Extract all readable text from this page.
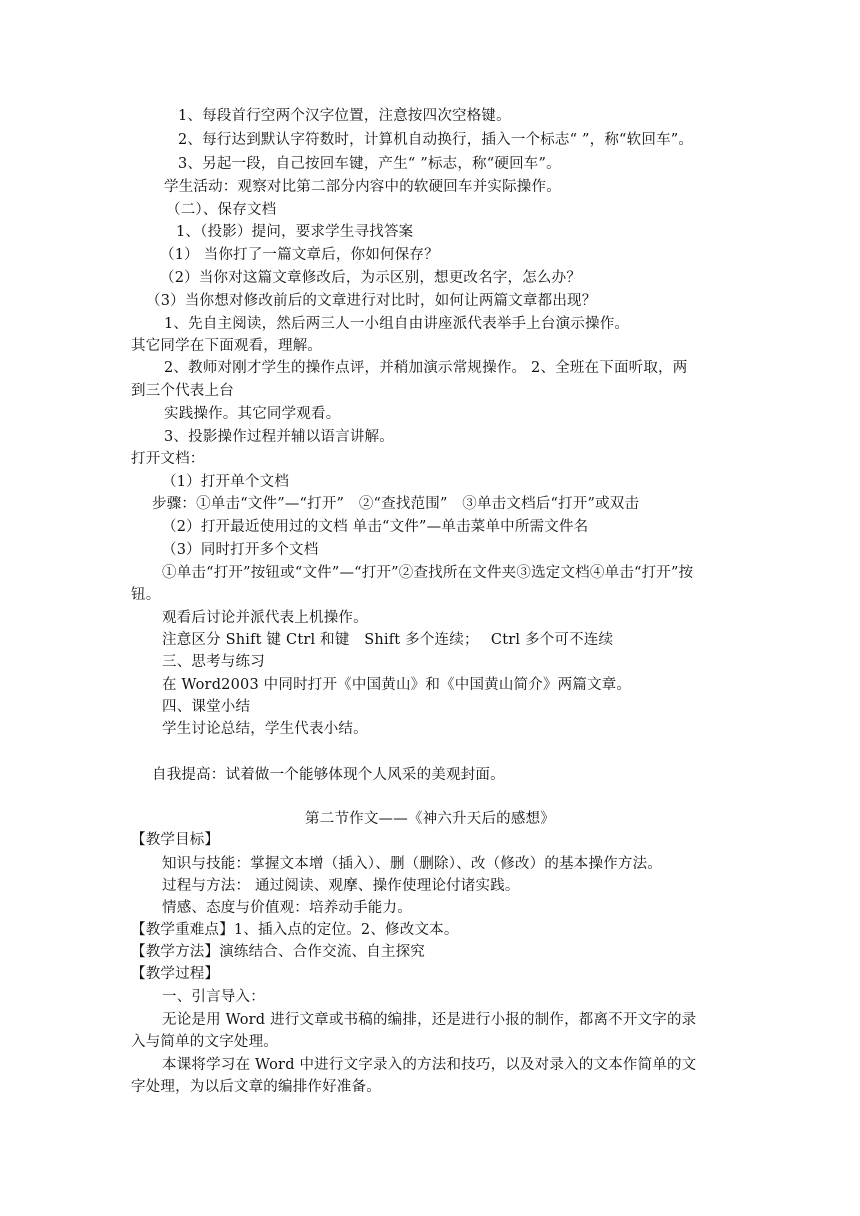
1、每段首行空两个汉字位置，注意按四次空格键。
2、每行达到默认字符数时，计算机自动换行，插入一个标志“ ”，称“软回车”。
3、另起一段，自己按回车键，产生“ ”标志，称“硬回车”。
学生活动：观察对比第二部分内容中的软硬回车并实际操作。
（二）、保存文档
1、（投影）提问，要求学生寻找答案
（1） 当你打了一篇文章后，你如何保存？
（2）当你对这篇文章修改后，为示区别，想更改名字，怎么办？
（3）当你想对修改前后的文章进行对比时，如何让两篇文章都出现？
1、先自主阅读，然后两三人一小组自由讲座派代表举手上台演示操作。
其它同学在下面观看，理解。
2、教师对刚才学生的操作点评，并稍加演示常规操作。 2、全班在下面听取，两
到三个代表上台
实践操作。其它同学观看。
3、投影操作过程并辅以语言讲解。
打开文档：
（1）打开单个文档
步骤：①单击“文件”—“打开”　②“查找范围”　③单击文档后“打开”或双击
（2）打开最近使用过的文档 单击“文件”—单击菜单中所需文件名
（3）同时打开多个文档
①单击“打开”按钮或“文件”—“打开”②查找所在文件夹③选定文档④单击“打开”按
钮。
观看后讨论并派代表上机操作。
注意区分 Shift 键 Ctrl 和键　Shift 多个连续；　 Ctrl 多个可不连续
三、思考与练习
在 Word2003 中同时打开《中国黄山》和《中国黄山简介》两篇文章。
四、课堂小结
学生讨论总结，学生代表小结。
自我提高：试着做一个能够体现个人风采的美观封面。
第二节作文——《神六升天后的感想》
【教学目标】
知识与技能：掌握文本增（插入）、删（删除）、改（修改）的基本操作方法。
过程与方法： 通过阅读、观摩、操作使理论付诸实践。
情感、态度与价值观：培养动手能力。
【教学重难点】1、插入点的定位。2、修改文本。
【教学方法】演练结合、合作交流、自主探究
【教学过程】
一、引言导入：
无论是用 Word 进行文章或书稿的编排，还是进行小报的制作，都离不开文字的录
入与简单的文字处理。
本课将学习在 Word 中进行文字录入的方法和技巧，以及对录入的文本作简单的文
字处理，为以后文章的编排作好准备。
